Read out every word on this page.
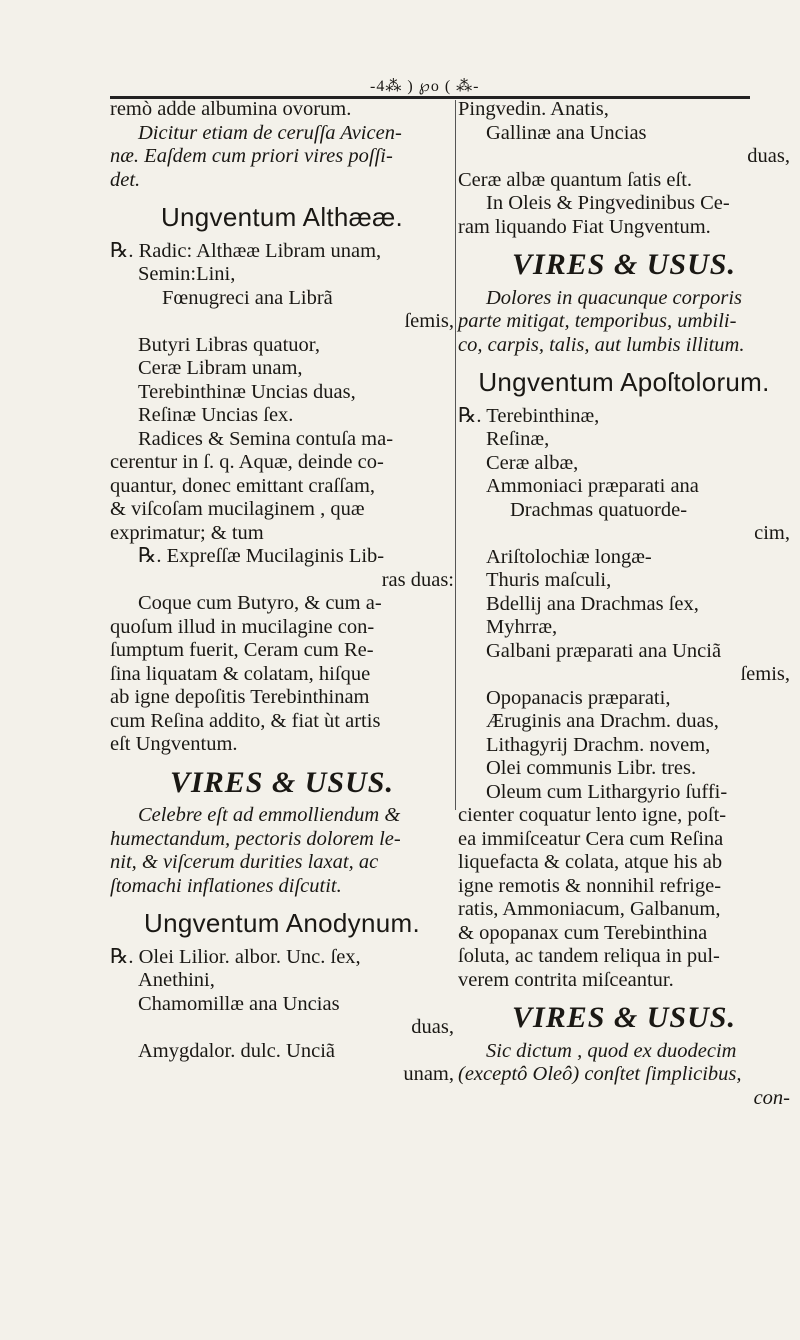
-4⁂ ) ℘o ( ⁂-

remò adde albumina ovorum.

Dicitur etiam de ceruſſa Avicen-

næ. Eaſdem cum priori vires poſſi-

det.

Ungventum Althææ.

℞. Radic: Althææ Libram unam,

Semin:Lini,

Fœnugreci ana Librã

ſemis,

Butyri Libras quatuor,

Ceræ Libram unam,

Terebinthinæ Uncias duas,

Reſinæ Uncias ſex.

Radices & Semina contuſa ma-

cerentur in ſ. q. Aquæ, deinde co-

quantur, donec emittant craſſam,

& viſcoſam mucilaginem , quæ

exprimatur; & tum

℞. Expreſſæ Mucilaginis Lib-

ras duas:

Coque cum Butyro, & cum a-

quoſum illud in mucilagine con-

ſumptum fuerit, Ceram cum Re-

ſina liquatam & colatam, hiſque

ab igne depoſitis Terebinthinam

cum Reſina addito, & fiat ùt artis

eſt Ungventum.

VIRES & USUS.

Celebre eſt ad emmolliendum &

humectandum, pectoris dolorem le-

nit, & viſcerum durities laxat, ac

ſtomachi inflationes diſcutit.

Ungventum Anodynum.

℞. Olei Lilior. albor. Unc. ſex,

Anethini,

Chamomillæ ana Uncias

duas,

Amygdalor. dulc. Unciã

unam,

Pingvedin. Anatis,

Gallinæ ana Uncias

duas,

Ceræ albæ quantum ſatis eſt.

In Oleis & Pingvedinibus Ce-

ram liquando Fiat Ungventum.

VIRES & USUS.

Dolores in quacunque corporis

parte mitigat, temporibus, umbili-

co, carpis, talis, aut lumbis illitum.

Ungventum Apoſtolorum.

℞. Terebinthinæ,

Reſinæ,

Ceræ albæ,

Ammoniaci præparati ana

Drachmas quatuorde-

cim,

Ariſtolochiæ longæ-

Thuris maſculi,

Bdellij ana Drachmas ſex,

Myhrræ,

Galbani præparati ana Unciã

ſemis,

Opopanacis præparati,

Æruginis ana Drachm. duas,

Lithagyrij Drachm. novem,

Olei communis Libr. tres.

Oleum cum Lithargyrio ſuffi-

cienter coquatur lento igne, poſt-

ea immiſceatur Cera cum Reſina

liquefacta & colata, atque his ab

igne remotis & nonnihil refrige-

ratis, Ammoniacum, Galbanum,

& opopanax cum Terebinthina

ſoluta, ac tandem reliqua in pul-

verem contrita miſceantur.

VIRES & USUS.

Sic dictum , quod ex duodecim

(exceptô Oleô) conſtet ſimplicibus,

con-
